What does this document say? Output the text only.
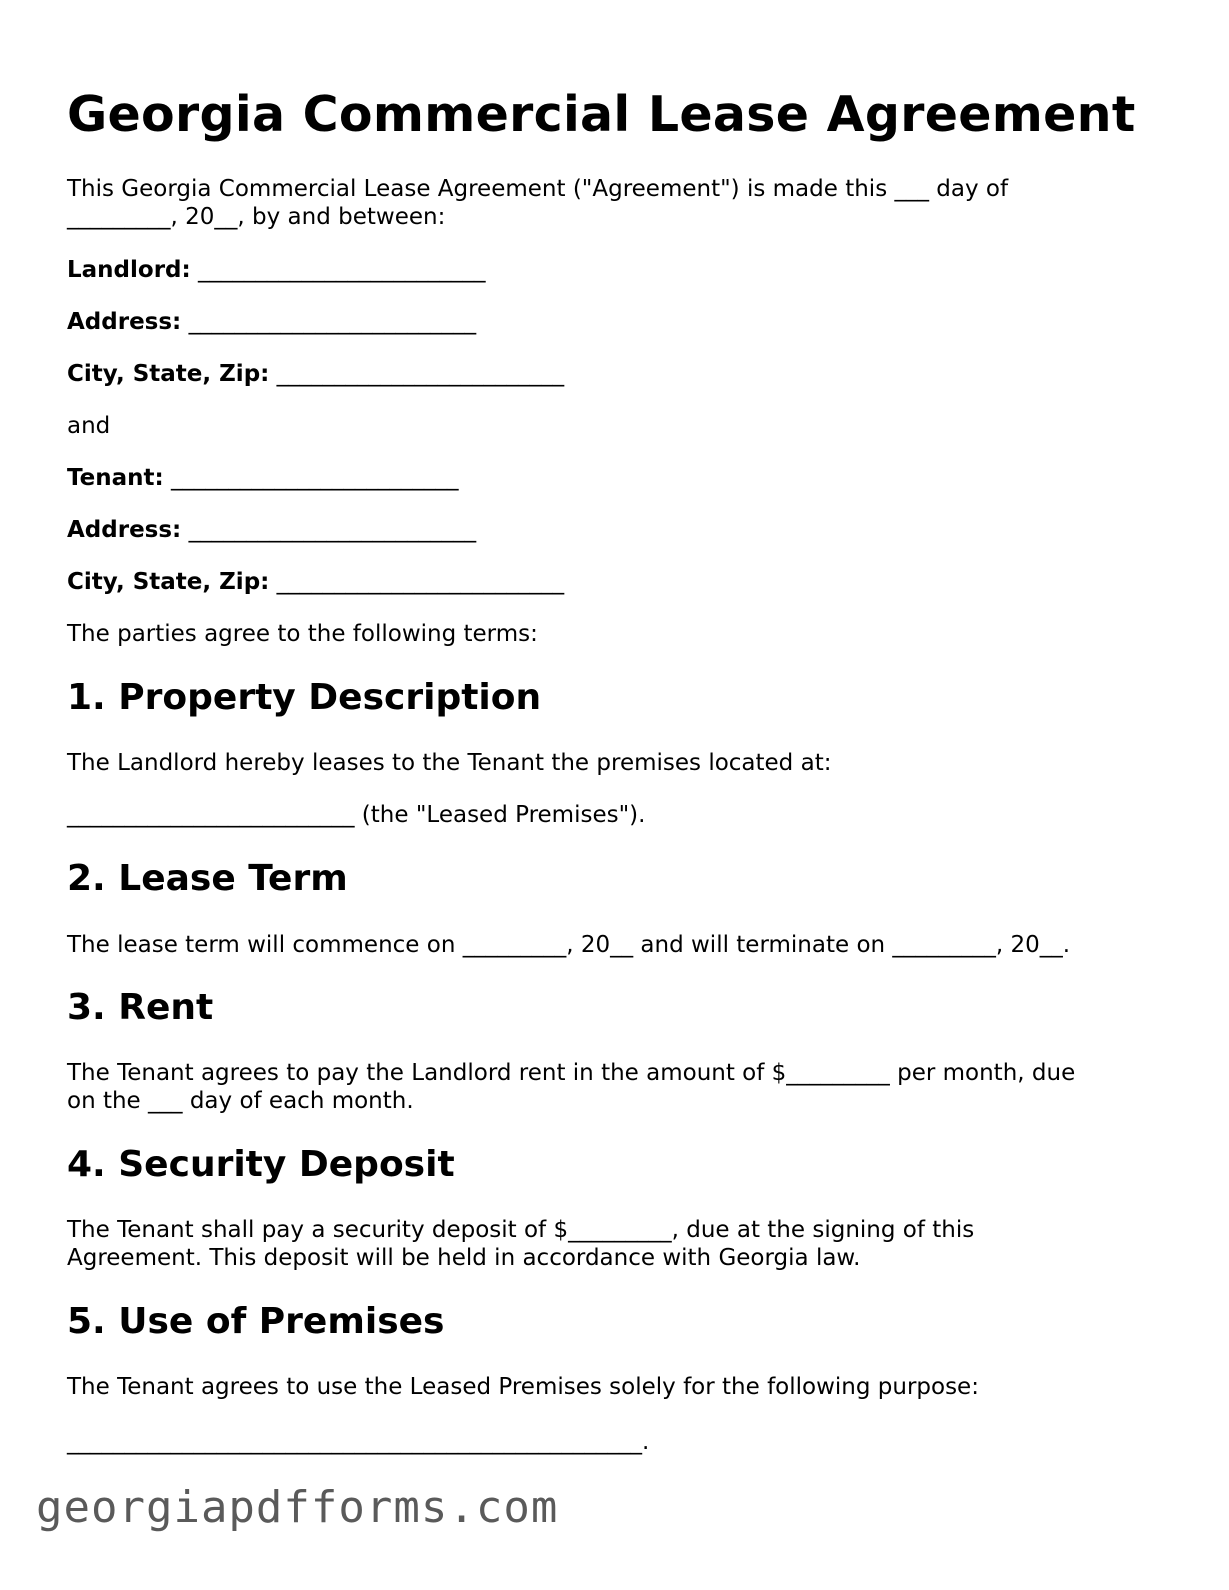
Georgia Commercial Lease Agreement

This Georgia Commercial Lease Agreement ("Agreement") is made this ___ day of
_________, 20__, by and between:

Landlord: _________________________

Address: _________________________

City, State, Zip: _________________________

and

Tenant: _________________________

Address: _________________________

City, State, Zip: _________________________

The parties agree to the following terms:

1. Property Description

The Landlord hereby leases to the Tenant the premises located at:

_________________________ (the "Leased Premises").

2. Lease Term

The lease term will commence on _________, 20__ and will terminate on _________, 20__.

3. Rent

The Tenant agrees to pay the Landlord rent in the amount of $_________ per month, due
on the ___ day of each month.

4. Security Deposit

The Tenant shall pay a security deposit of $_________, due at the signing of this
Agreement. This deposit will be held in accordance with Georgia law.

5. Use of Premises

The Tenant agrees to use the Leased Premises solely for the following purpose:

__________________________________________________.

georgiapdfforms.com
